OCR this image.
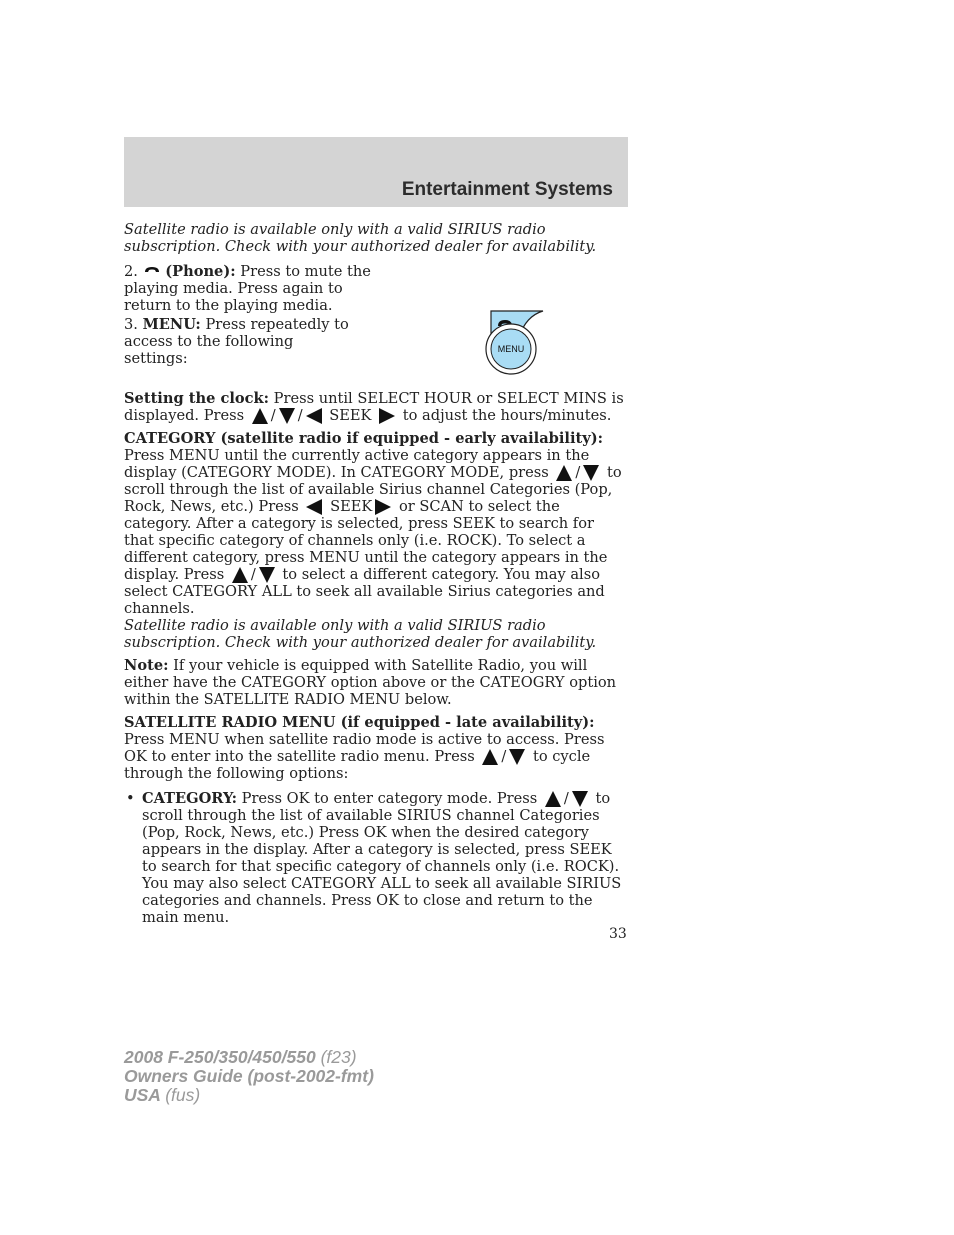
Entertainment Systems

Satellite radio is available only with a valid SIRIUS radio subscription. Check with your authorized dealer for availability.

2. (Phone): Press to mute the playing media. Press again to return to the playing media.

3. MENU: Press repeatedly to access to the following settings:

MENU

Setting the clock: Press until SELECT HOUR or SELECT MINS is displayed. Press / / SEEK to adjust the hours/minutes.

CATEGORY (satellite radio if equipped - early availability): Press MENU until the currently active category appears in the display (CATEGORY MODE). In CATEGORY MODE, press / to scroll through the list of available Sirius channel Categories (Pop, Rock, News, etc.) Press SEEK or SCAN to select the category. After a category is selected, press SEEK to search for that specific category of channels only (i.e. ROCK). To select a different category, press MENU until the category appears in the display. Press / to select a different category. You may also select CATEGORY ALL to seek all available Sirius categories and channels.

Satellite radio is available only with a valid SIRIUS radio subscription. Check with your authorized dealer for availability.

Note: If your vehicle is equipped with Satellite Radio, you will either have the CATEGORY option above or the CATEOGRY option within the SATELLITE RADIO MENU below.

SATELLITE RADIO MENU (if equipped - late availability): Press MENU when satellite radio mode is active to access. Press OK to enter into the satellite radio menu. Press / to cycle through the following options:

• CATEGORY: Press OK to enter category mode. Press / to scroll through the list of available SIRIUS channel Categories (Pop, Rock, News, etc.) Press OK when the desired category appears in the display. After a category is selected, press SEEK to search for that specific category of channels only (i.e. ROCK). You may also select CATEGORY ALL to seek all available SIRIUS categories and channels. Press OK to close and return to the main menu.
33
2008 F-250/350/450/550 (f23)
Owners Guide (post-2002-fmt)
USA (fus)
